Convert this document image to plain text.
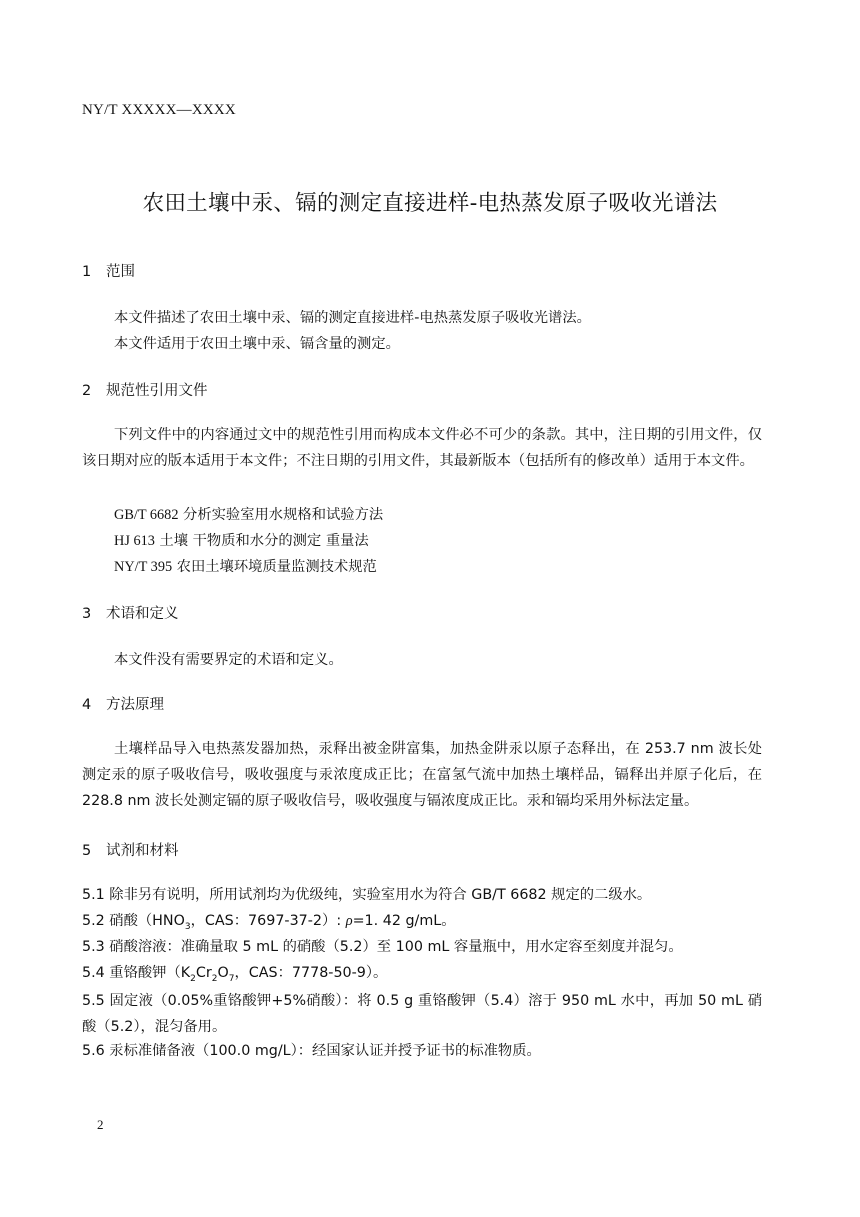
NY/T XXXXX—XXXX
农田土壤中汞、镉的测定直接进样-电热蒸发原子吸收光谱法
1 范围
本文件描述了农田土壤中汞、镉的测定直接进样-电热蒸发原子吸收光谱法。
本文件适用于农田土壤中汞、镉含量的测定。
2 规范性引用文件
下列文件中的内容通过文中的规范性引用而构成本文件必不可少的条款。其中，注日期的引用文件，仅该日期对应的版本适用于本文件；不注日期的引用文件，其最新版本（包括所有的修改单）适用于本文件。
GB/T 6682 分析实验室用水规格和试验方法
HJ 613 土壤 干物质和水分的测定 重量法
NY/T 395 农田土壤环境质量监测技术规范
3 术语和定义
本文件没有需要界定的术语和定义。
4 方法原理
土壤样品导入电热蒸发器加热，汞释出被金阱富集，加热金阱汞以原子态释出，在 253.7 nm 波长处测定汞的原子吸收信号，吸收强度与汞浓度成正比；在富氢气流中加热土壤样品，镉释出并原子化后，在 228.8 nm 波长处测定镉的原子吸收信号，吸收强度与镉浓度成正比。汞和镉均采用外标法定量。
5 试剂和材料
5.1 除非另有说明，所用试剂均为优级纯，实验室用水为符合 GB/T 6682 规定的二级水。
5.2 硝酸（$HNO_3$，CAS：7697-37-2）: ρ=1. 42 g/mL。
5.3 硝酸溶液：准确量取 5 mL 的硝酸（5.2）至 100 mL 容量瓶中，用水定容至刻度并混匀。
5.4 重铬酸钾（$K_2Cr_2O_7$，CAS：7778-50-9）。
5.5 固定液（0.05%重铬酸钾+5%硝酸）：将 0.5 g 重铬酸钾（5.4）溶于 950 mL 水中，再加 50 mL 硝酸（5.2），混匀备用。
5.6 汞标准储备液（100.0 mg/L）：经国家认证并授予证书的标准物质。
2
